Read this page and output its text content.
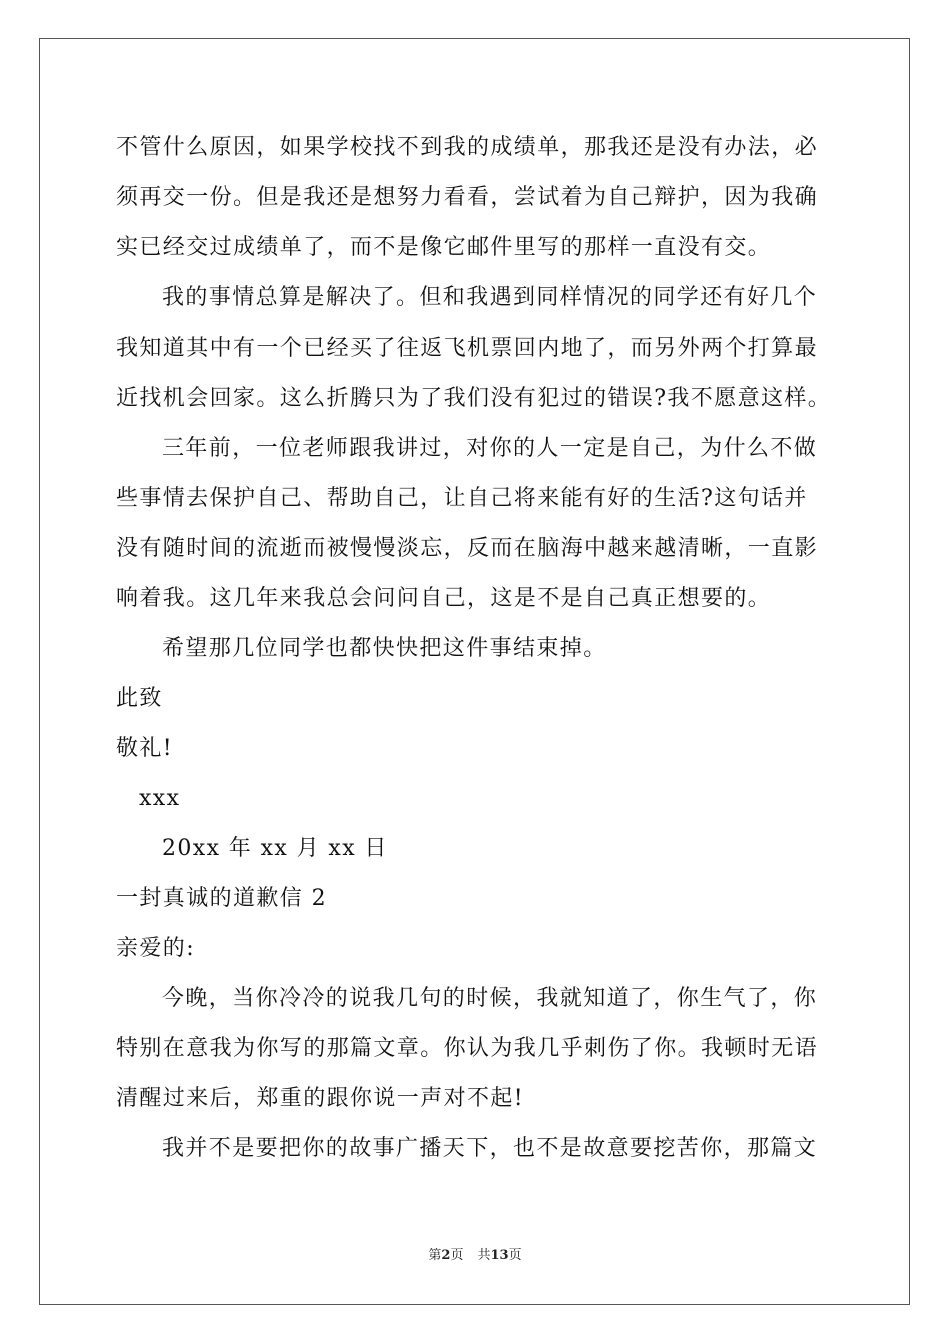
不管什么原因，如果学校找不到我的成绩单，那我还是没有办法，必
须再交一份。但是我还是想努力看看，尝试着为自己辩护，因为我确
实已经交过成绩单了，而不是像它邮件里写的那样一直没有交。
我的事情总算是解决了。但和我遇到同样情况的同学还有好几个
我知道其中有一个已经买了往返飞机票回内地了，而另外两个打算最
近找机会回家。这么折腾只为了我们没有犯过的错误?我不愿意这样。
三年前，一位老师跟我讲过，对你的人一定是自己，为什么不做
些事情去保护自己、帮助自己，让自己将来能有好的生活?这句话并
没有随时间的流逝而被慢慢淡忘，反而在脑海中越来越清晰，一直影
响着我。这几年来我总会问问自己，这是不是自己真正想要的。
希望那几位同学也都快快把这件事结束掉。
此致
敬礼!
xxx
20xx 年 xx 月 xx 日
一封真诚的道歉信 2
亲爱的:
今晚，当你冷冷的说我几句的时候，我就知道了，你生气了，你
特别在意我为你写的那篇文章。你认为我几乎刺伤了你。我顿时无语
清醒过来后，郑重的跟你说一声对不起!
我并不是要把你的故事广播天下，也不是故意要挖苦你，那篇文
第2页 共13页
